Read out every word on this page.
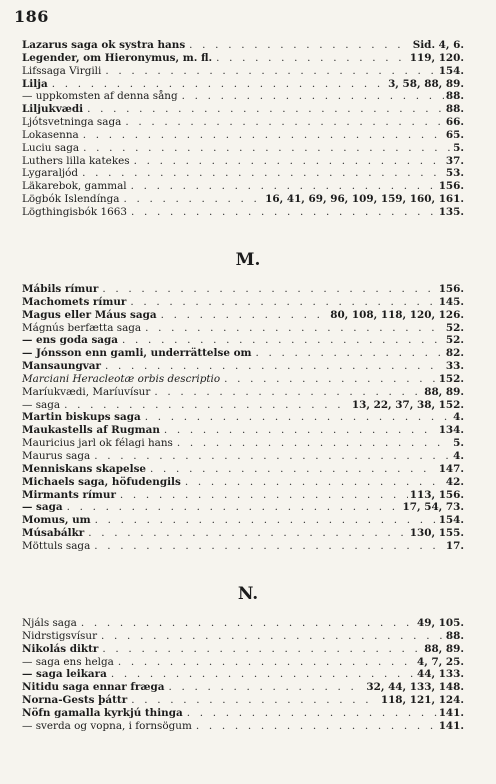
186
Lazarus saga ok systra hans . . .	Sid. 4, 6.
Legender, om Hieronymus, m. fl. . . .	119, 120.
Lifssaga Virgili . . .	154.
Lilja . . .	3, 58, 88, 89.
— uppkomsten af denna sång . . .	88.
Liljukvædi . . .	88.
Ljótsvetninga saga . . .	66.
Lokasenna . . .	65.
Luciu saga . . .	5.
Luthers lilla katekes . . .	37.
Lygaraljód . . .	53.
Läkarebok, gammal . . .	156.
Lögbók Islendínga . . .	16, 41, 69, 96, 109, 159, 160, 161.
Lögthingisbók 1663 . . .	135.
M.
Mábils rímur . . .	156.
Machomets rímur . . .	145.
Magus eller Máus saga . . .	80, 108, 118, 120, 126.
Mágnús berfætta saga . . .	52.
— ens goda saga . . .	52.
— Jónsson enn gamli, underrättelse om . . .	82.
Mansaungvar . . .	33.
Marciani Heracleotæ orbis descriptio . . .	152.
Maríukvædi, Maríuvísur . . .	88, 89.
— saga . . .	13, 22, 37, 38, 152.
Martin biskups saga . . .	4.
Maukastells af Rugman . . .	134.
Mauricius jarl ok félagi hans . . .	5.
Maurus saga . . .	4.
Menniskans skapelse . . .	147.
Michaels saga, höfudengils . . .	42.
Mirmants rímur . . .	113, 156.
— saga . . .	17, 54, 73.
Momus, um . . .	154.
Músabálkr . . .	130, 155.
Möttuls saga . . .	17.
N.
Njáls saga . . .	49, 105.
Nidrstigsvísur . . .	88.
Nikolás diktr . . .	88, 89.
— saga ens helga . . .	4, 7, 25.
— saga leikara . . .	44, 133.
Nitidu saga ennar fræga . . .	32, 44, 133, 148.
Norna-Gests þáttr . . .	118, 121, 124.
Nöfn gamalla kyrkjú thinga . . .	141.
— sverda og vopna, i fornsögum . . .	141.
